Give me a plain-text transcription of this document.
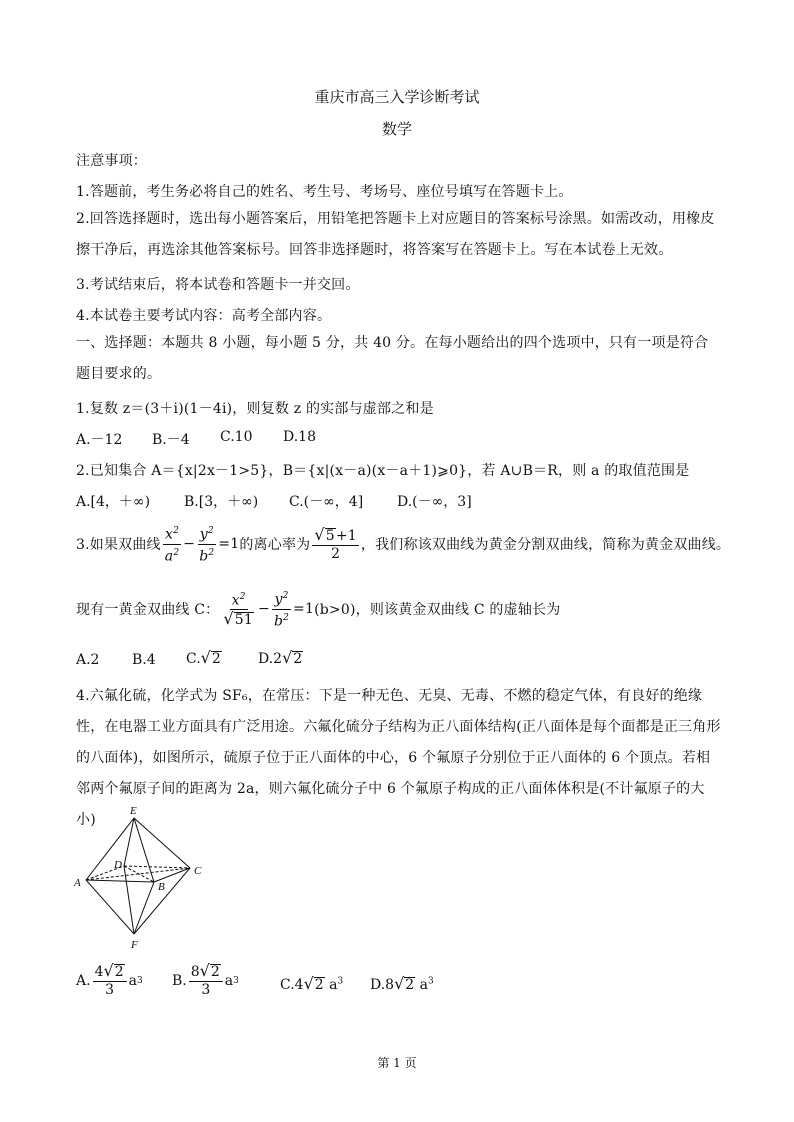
重庆市高三入学诊断考试
数学
注意事项：
1.答题前，考生务必将自己的姓名、考生号、考场号、座位号填写在答题卡上。
2.回答选择题时，选出每小题答案后，用铅笔把答题卡上对应题目的答案标号涂黑。如需改动，用橡皮擦干净后，再选涂其他答案标号。回答非选择题时，将答案写在答题卡上。写在本试卷上无效。
3.考试结束后，将本试卷和答题卡一并交回。
4.本试卷主要考试内容：高考全部内容。
一、选择题：本题共 8 小题，每小题 5 分，共 40 分。在每小题给出的四个选项中，只有一项是符合题目要求的。
1.复数 z＝(3＋i)(1－4i)，则复数 z 的实部与虚部之和是
A.－12 B.－4 C.10 D.18
2.已知集合 A＝{x|2x－1>5}，B＝{x|(x－a)(x－a＋1)⩾0}，若 A∪B＝R，则 a 的取值范围是
A.[4，＋∞) B.[3，＋∞) C.(－∞，4] D.(－∞，3]
3.如果双曲线 $\frac{x^2}{a^2} - \frac{y^2}{b^2} =1$ 的离心率为 $\frac{√5+1}{2}$ ，我们称该双曲线为黄金分割双曲线，简称为黄金双曲线。
现有一黄金双曲线 C： $\frac{x^2}{√51} - \frac{y^2}{b^2} =1$ (b>0)，则该黄金双曲线 C 的虚轴长为
A.2 B.4 C.√2	D.2√2
4.六氟化硫，化学式为 SF₆，在常压：下是一种无色、无臭、无毒、不燃的稳定气体，有良好的绝缘性，在电器工业方面具有广泛用途。六氟化硫分子结构为正八面体结构(正八面体是每个面都是正三角形的八面体)，如图所示，硫原子位于正八面体的中心，6 个氟原子分别位于正八面体的 6 个顶点。若相邻两个氟原子间的距离为 2a，则六氟化硫分子中 6 个氟原子构成的正八面体体积是(不计氟原子的大小)
E
D	C
A	B
F
A. $\frac{4√2}{3}$ a 3 B. $\frac{8√2}{3}$ a 3	C.4√2 $a^3$ D.8√2 $a^3$
第 1 页
